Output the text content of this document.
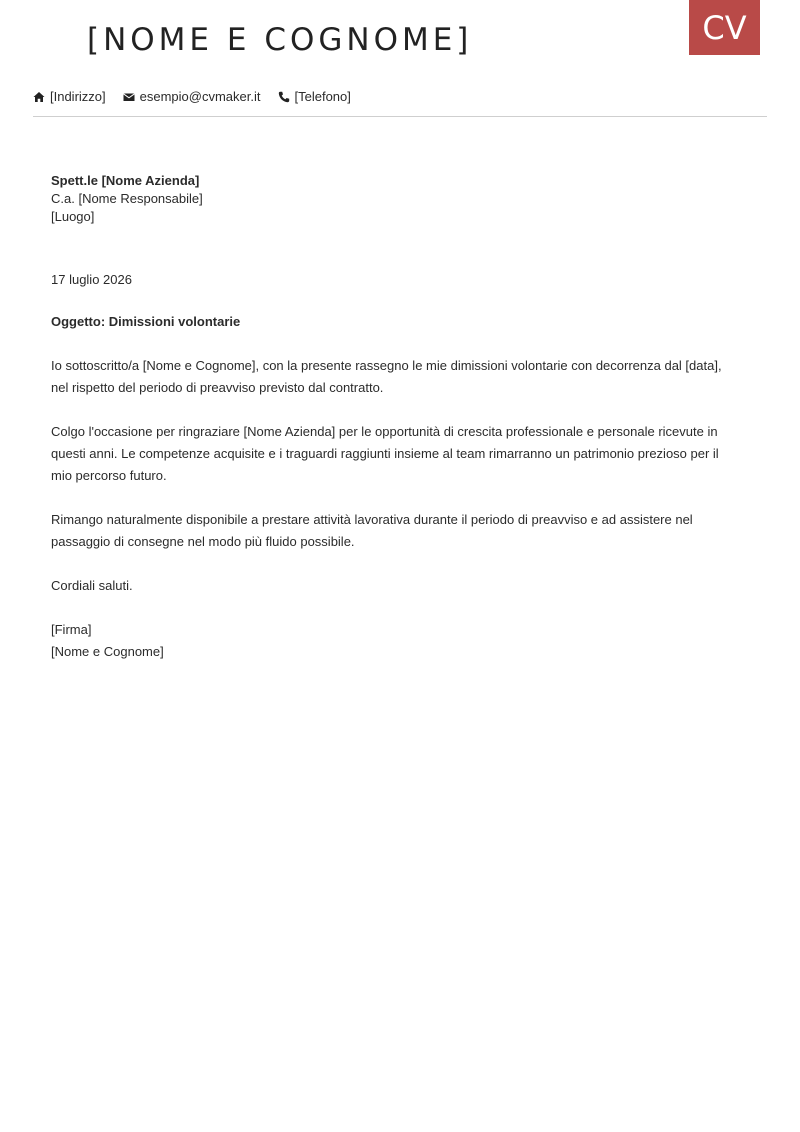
[NOME E COGNOME]	CV
[Indirizzo]	esempio@cvmaker.it	[Telefono]
Spett.le [Nome Azienda]
C.a. [Nome Responsabile]
[Luogo]
17 luglio 2026
Oggetto: Dimissioni volontarie
Io sottoscritto/a [Nome e Cognome], con la presente rassegno le mie dimissioni volontarie con decorrenza dal [data], nel rispetto del periodo di preavviso previsto dal contratto.
Colgo l'occasione per ringraziare [Nome Azienda] per le opportunità di crescita professionale e personale ricevute in questi anni. Le competenze acquisite e i traguardi raggiunti insieme al team rimarranno un patrimonio prezioso per il mio percorso futuro.
Rimango naturalmente disponibile a prestare attività lavorativa durante il periodo di preavviso e ad assistere nel passaggio di consegne nel modo più fluido possibile.
Cordiali saluti.
[Firma]
[Nome e Cognome]
